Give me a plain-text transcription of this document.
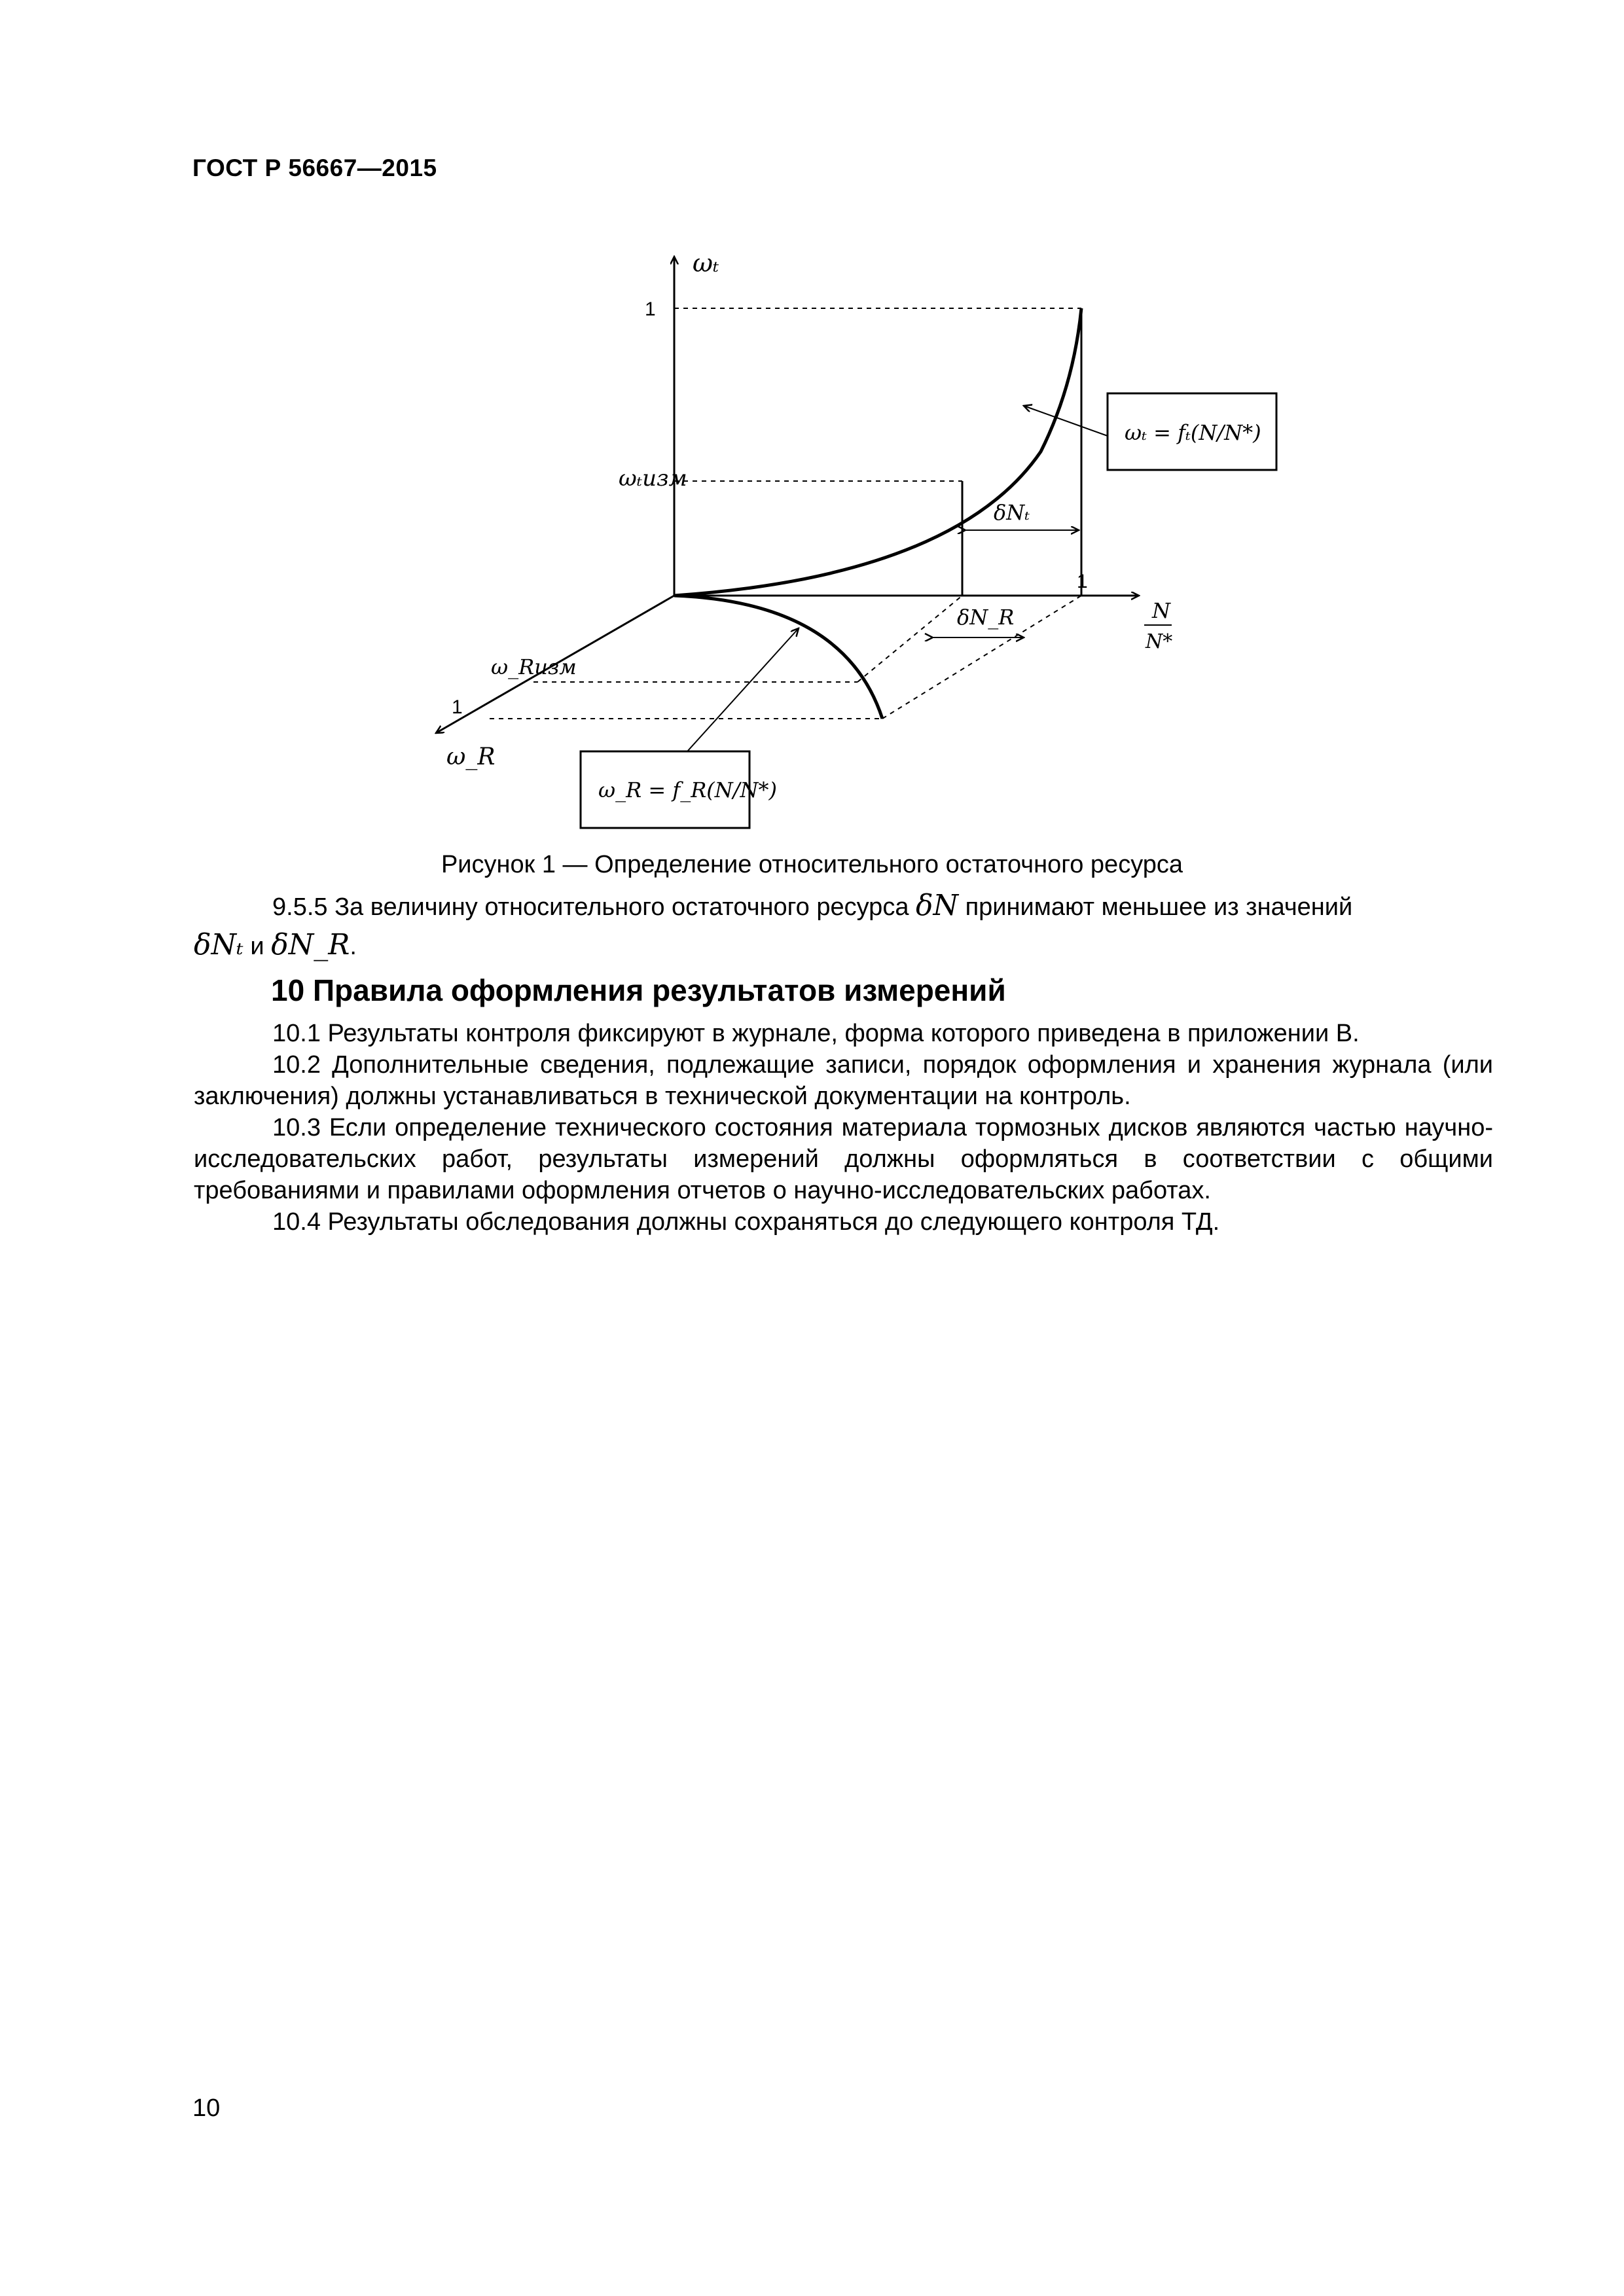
ГОСТ Р 56667—2015
ωₜ
1
ωₜизм
1
N
N*
δNₜ
δN_R
ω_Rизм
1
ω_R
ωₜ = fₜ(N/N*)
ω_R = f_R(N/N*)
Рисунок 1 — Определение относительного остаточного ресурса
9.5.5 За величину относительного остаточного ресурса δN принимают меньшее из значений
δNₜ и δN_R.
10 Правила оформления результатов измерений
10.1 Результаты контроля фиксируют в журнале, форма которого приведена в приложении В.
10.2 Дополнительные сведения, подлежащие записи, порядок оформления и хранения журнала (или заключения) должны устанавливаться в технической документации на контроль.
10.3 Если определение технического состояния материала тормозных дисков являются частью научно-исследовательских работ, результаты измерений должны оформляться в соответствии с общими требованиями и правилами оформления отчетов о научно-исследовательских работах.
10.4 Результаты обследования должны сохраняться до следующего контроля ТД.
10
